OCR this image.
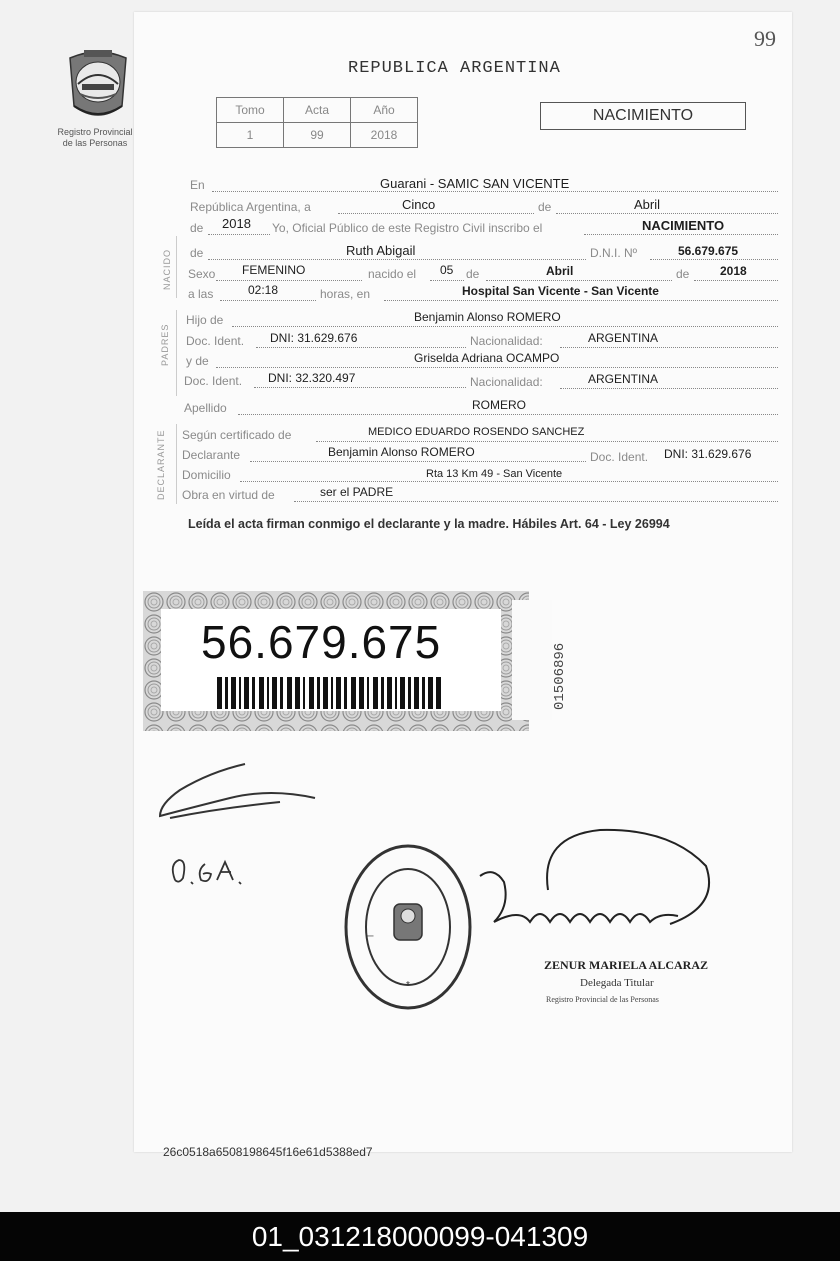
99
Registro Provincial
de las Personas
REPUBLICA ARGENTINA
Tomo	Acta	Año
1	99	2018
NACIMIENTO
NACIDO
PADRES
DECLARANTE
En	Guarani - SAMIC SAN VICENTE
República Argentina, a	Cinco	de	Abril
de 2018 Yo, Oficial Público de este Registro Civil inscribo el	NACIMIENTO
de	Ruth Abigail	D.N.I. Nº	56.679.675
Sexo FEMENINO	nacido el 05 de	Abril	de	2018
a las	02:18	horas, en	Hospital San Vicente - San Vicente
Hijo de	Benjamin Alonso ROMERO
Doc. Ident. DNI: 31.629.676	Nacionalidad:	ARGENTINA
y de	Griselda Adriana OCAMPO
Doc. Ident. DNI: 32.320.497	Nacionalidad:	ARGENTINA
Apellido	ROMERO
Según certificado de	MEDICO EDUARDO ROSENDO SANCHEZ
Declarante	Benjamin Alonso ROMERO	Doc. Ident. DNI: 31.629.676
Domicilio	Rta 13 Km 49 - San Vicente
Obra en virtud de	ser el PADRE
Leída el acta firman conmigo el declarante y la madre. Hábiles Art. 64 - Ley 26994
56.679.675
01506896
|
*
ZENUR MARIELA ALCARAZ
Delegada Titular
Registro Provincial de las Personas
26c0518a6508198645f16e61d5388ed7
01_031218000099-041309
